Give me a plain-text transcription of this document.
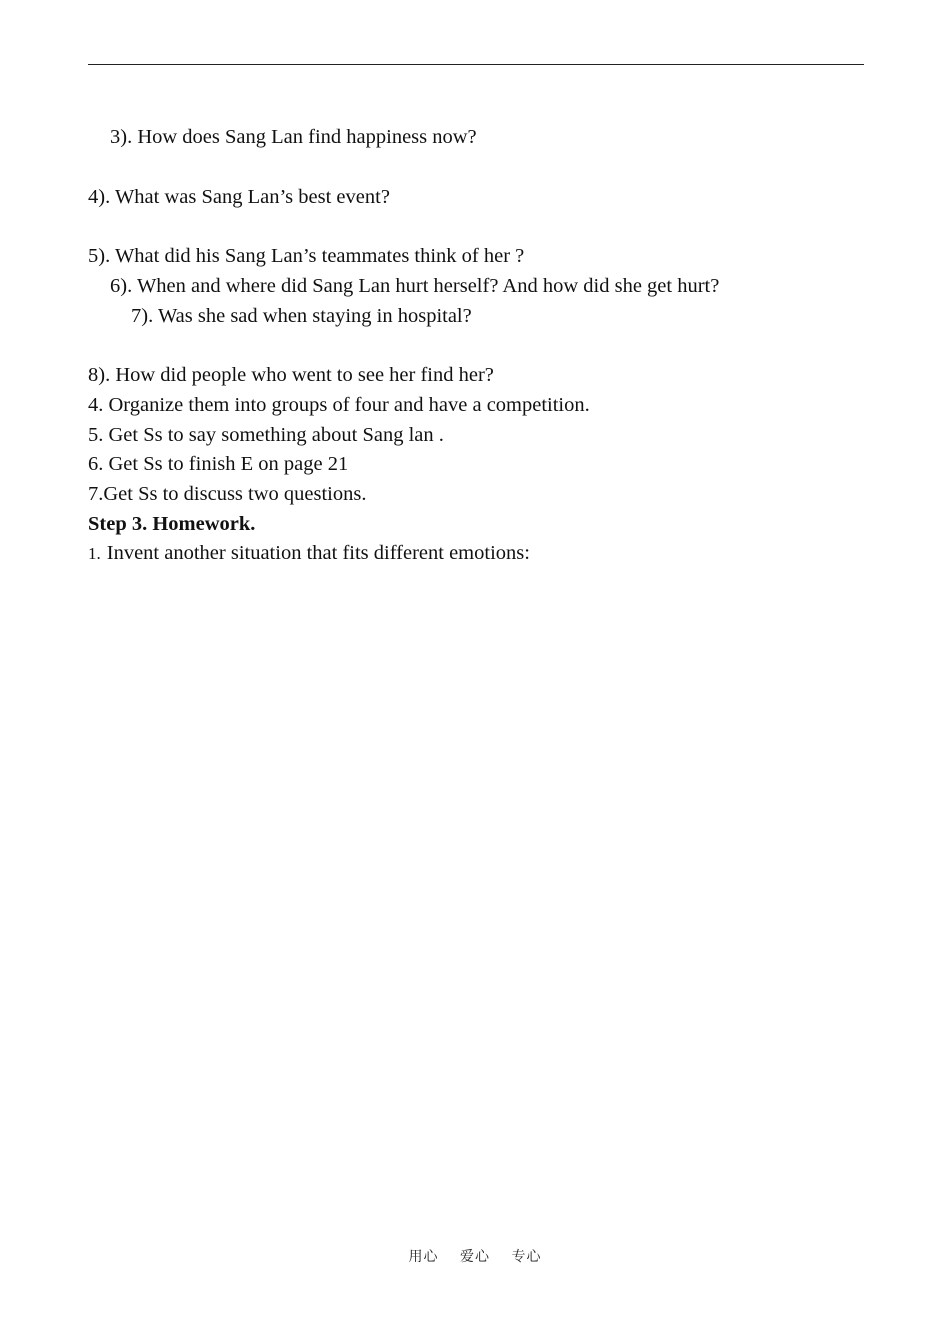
3). How does Sang Lan find happiness now?
4). What was Sang Lan’s best event?
5). What did his Sang Lan’s teammates think of her ?
6). When and where did Sang Lan hurt herself? And how did she get hurt?
7). Was she sad when staying in hospital?
8). How did people who went to see her find her?
4. Organize them into groups of four and have a competition.
5. Get Ss to say something about Sang lan .
6. Get Ss to finish E on page 21
7.Get Ss to discuss two questions.
Step 3. Homework.
1. Invent another situation that fits different emotions:
用心 爱心 专心
